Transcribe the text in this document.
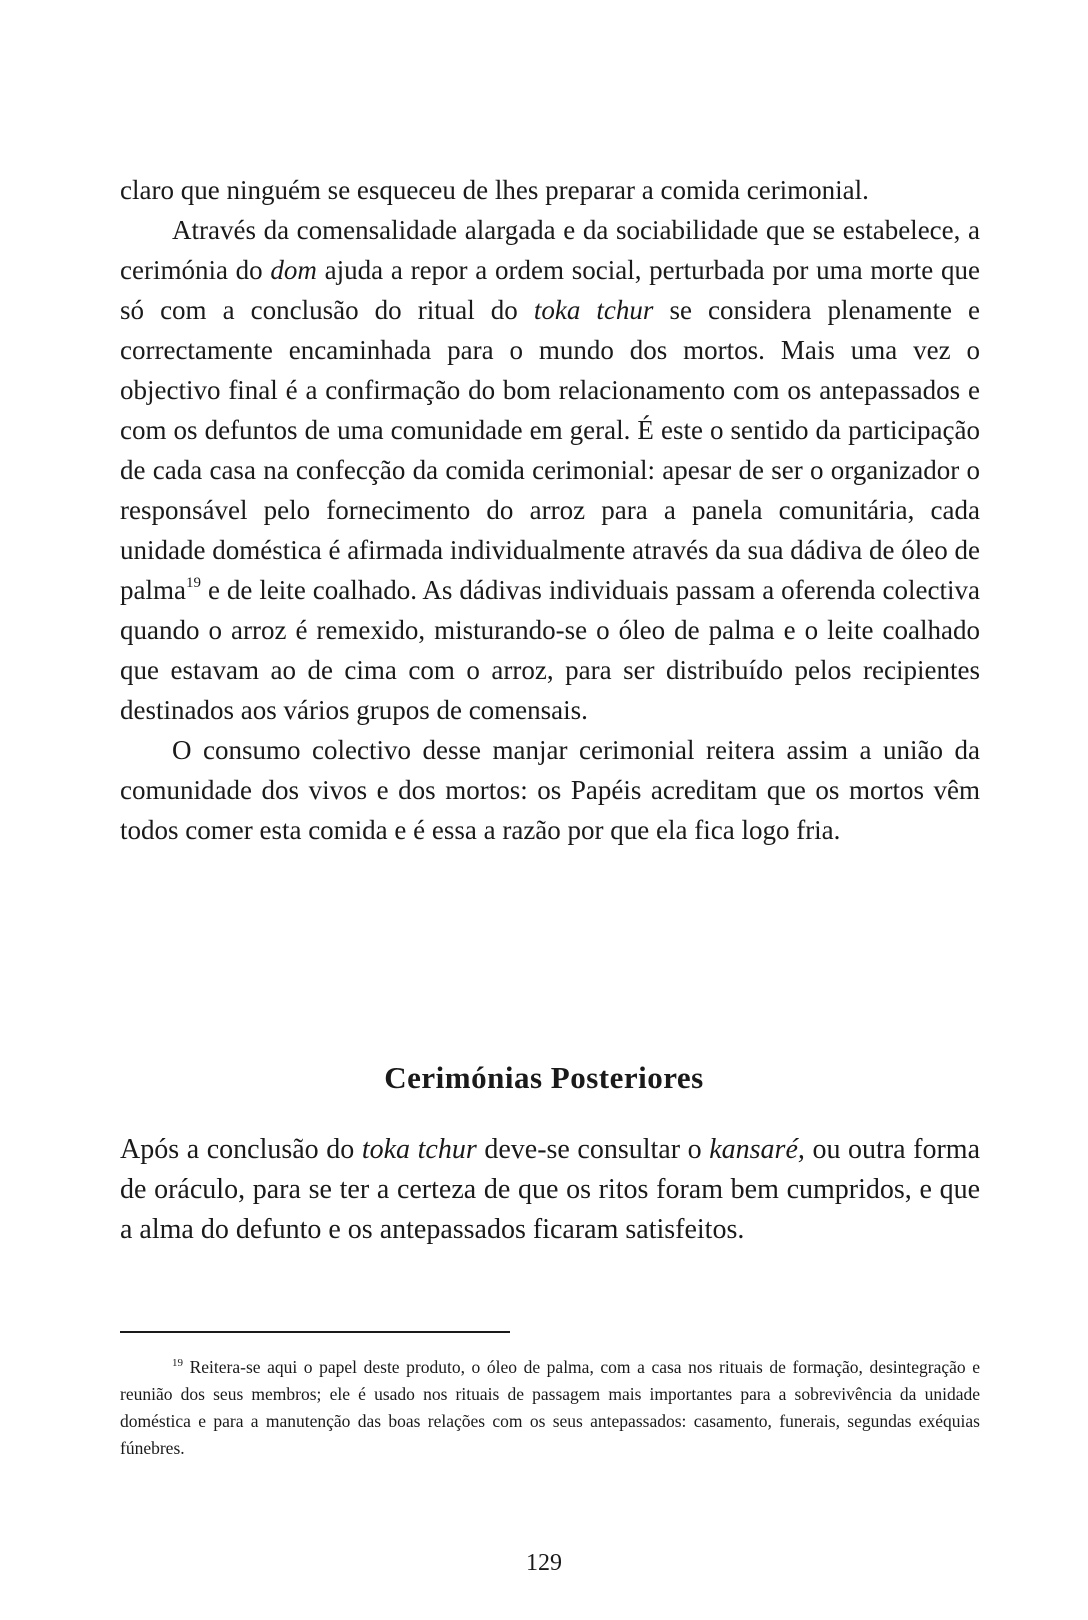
claro que ninguém se esqueceu de lhes preparar a comida cerimonial.

Através da comensalidade alargada e da sociabilidade que se estabelece, a cerimónia do dom ajuda a repor a ordem social, perturbada por uma morte que só com a conclusão do ritual do toka tchur se considera plenamente e correctamente encaminhada para o mundo dos mortos. Mais uma vez o objectivo final é a confirmação do bom relacionamento com os antepassados e com os defuntos de uma comunidade em geral. É este o sentido da participação de cada casa na confecção da comida cerimonial: apesar de ser o organizador o responsável pelo fornecimento do arroz para a panela comunitária, cada unidade doméstica é afirmada individualmente através da sua dádiva de óleo de palma$^{19}$ e de leite coalhado. As dádivas individuais passam a oferenda colectiva quando o arroz é remexido, misturando-se o óleo de palma e o leite coalhado que estavam ao de cima com o arroz, para ser distribuído pelos recipientes destinados aos vários grupos de comensais.

O consumo colectivo desse manjar cerimonial reitera assim a união da comunidade dos vivos e dos mortos: os Papéis acreditam que os mortos vêm todos comer esta comida e é essa a razão por que ela fica logo fria.

Cerimónias Posteriores

Após a conclusão do toka tchur deve-se consultar o kansaré, ou outra forma de oráculo, para se ter a certeza de que os ritos foram bem cumpridos, e que a alma do defunto e os antepassados ficaram satisfeitos.

$^{19}$ Reitera-se aqui o papel deste produto, o óleo de palma, com a casa nos rituais de formação, desintegração e reunião dos seus membros; ele é usado nos rituais de passagem mais importantes para a sobrevivência da unidade doméstica e para a manutenção das boas relações com os seus antepassados: casamento, funerais, segundas exéquias fúnebres.

129
